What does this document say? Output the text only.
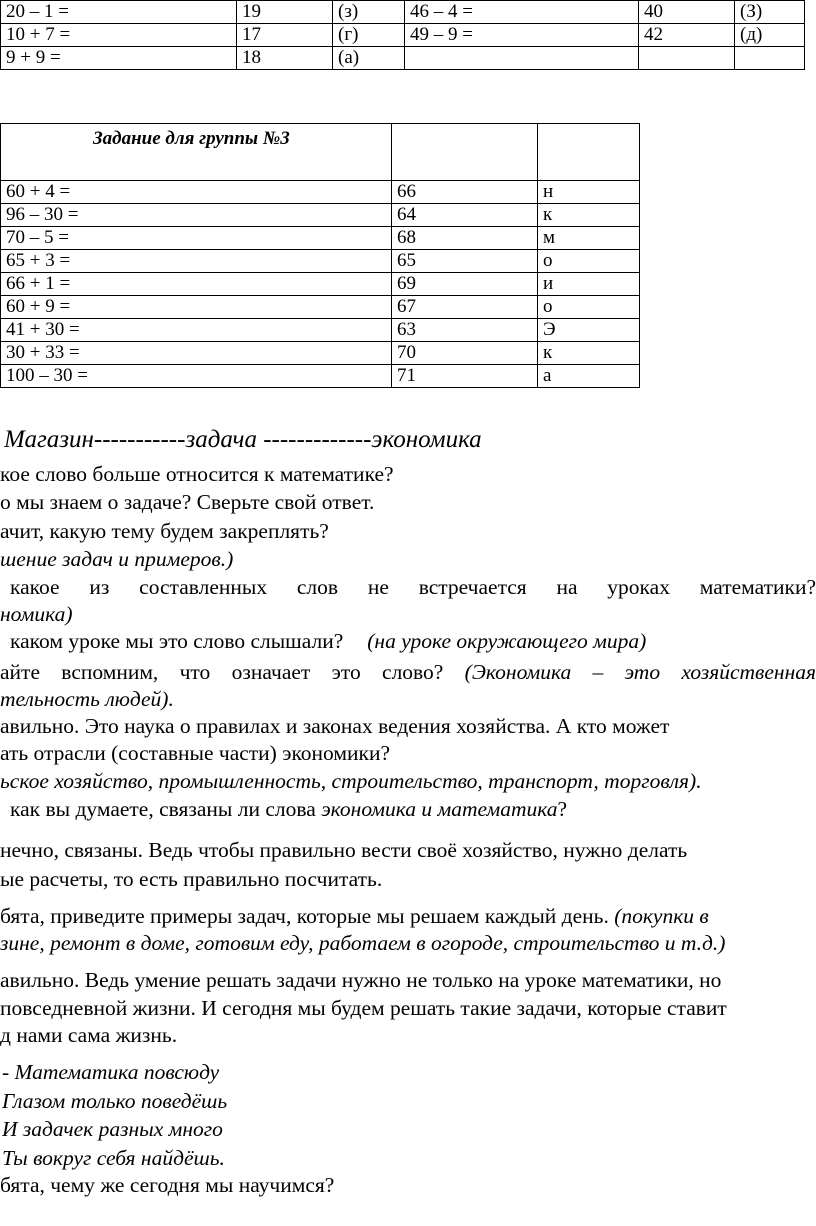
20 – 1 =	19	(з)	46 – 4 =	40	(З)
10 + 7 =	17	(г)	49 – 9 =	42	(д)
9 + 9 =	18	(а)			
Задание для группы №3		
60 + 4 =	66	н
96 – 30 =	64	к
70 – 5 =	68	м
65 + 3 =	65	о
66 + 1 =	69	и
60 + 9 =	67	о
41 + 30 =	63	Э
30 + 33 =	70	к
100 – 30 =	71	а
Магазин-----------задача -------------экономика
кое слово больше относится к математике?
о мы знаем о задаче? Сверьте свой ответ.
ачит, какую тему будем закреплять?
шение задач и примеров.)
какое из составленных слов не встречается на уроках математики?
номика)
каком уроке мы это слово слышали? (на уроке окружающего мира)
айте вспомним, что означает это слово? (Экономика – это хозяйственная
тельность людей).
авильно. Это наука о правилах и законах ведения хозяйства. А кто может
ать отрасли (составные части) экономики?
ьское хозяйство, промышленность, строительство, транспорт, торговля).
как вы думаете, связаны ли слова экономика и математика?
нечно, связаны. Ведь чтобы правильно вести своё хозяйство, нужно делать
ые расчеты, то есть правильно посчитать.
бята, приведите примеры задач, которые мы решаем каждый день. (покупки в
зине, ремонт в доме, готовим еду, работаем в огороде, строительство и т.д.)
авильно. Ведь умение решать задачи нужно не только на уроке математики, но
повседневной жизни. И сегодня мы будем решать такие задачи, которые ставит
д нами сама жизнь.
- Математика повсюду
Глазом только поведёшь
И задачек разных много
Ты вокруг себя найдёшь.
бята, чему же сегодня мы научимся?
